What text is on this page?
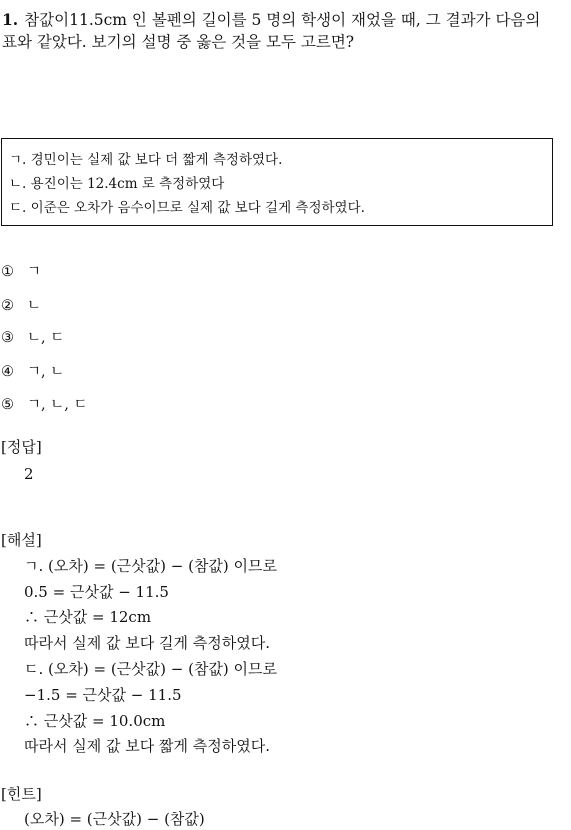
1. 참값이11.5cm 인 볼펜의 길이를 5 명의 학생이 재었을 때, 그 결과가 다음의
표와 같았다. 보기의 설명 중 옳은 것을 모두 고르면?
ㄱ. 경민이는 실제 값 보다 더 짧게 측정하였다.
ㄴ. 용진이는 12.4cm 로 측정하였다
ㄷ. 이준은 오차가 음수이므로 실제 값 보다 길게 측정하였다.
① ㄱ
② ㄴ
③ ㄴ, ㄷ
④ ㄱ, ㄴ
⑤ ㄱ, ㄴ, ㄷ
[정답]
2
[해설]
ㄱ. (오차) = (근삿값) − (참값) 이므로
0.5 = 근삿값 − 11.5
∴ 근삿값 = 12cm
따라서 실제 값 보다 길게 측정하였다.
ㄷ. (오차) = (근삿값) − (참값) 이므로
−1.5 = 근삿값 − 11.5
∴ 근삿값 = 10.0cm
따라서 실제 값 보다 짧게 측정하였다.
[힌트]
(오차) = (근삿값) − (참값)
